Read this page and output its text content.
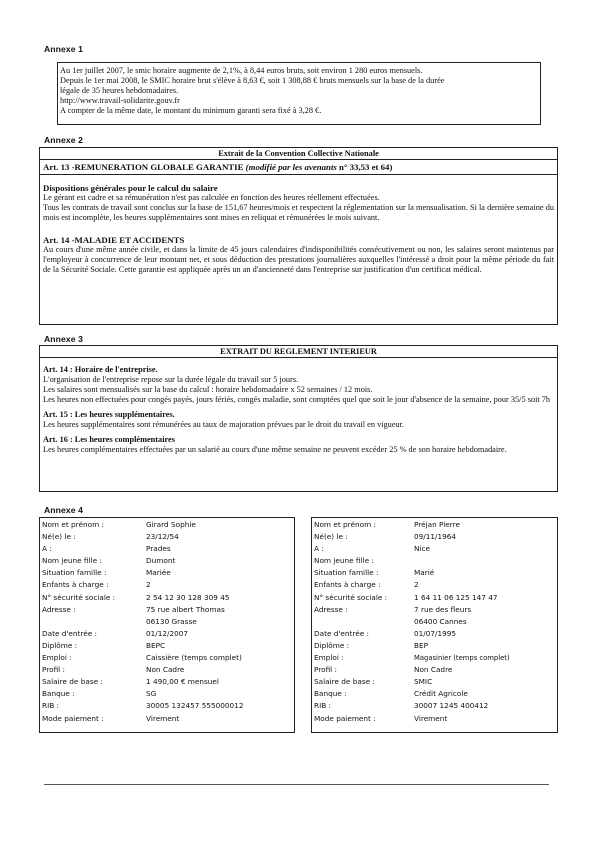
Annexe 1

Au 1er juillet 2007, le smic horaire augmente de 2,1%, à 8,44 euros bruts, soit environ 1 280 euros mensuels.

Depuis le 1er mai 2008, le SMIC horaire brut s'élève à 8,63 €, soit 1 308,88 € bruts mensuels sur la base de la durée

légale de 35 heures hebdomadaires.

http://www.travail-solidarite.gouv.fr

A compter de la même date, le montant du minimum garanti sera fixé à 3,28 €.

Annexe 2
Extrait de la Convention Collective Nationale
Art. 13 -REMUNERATION GLOBALE GARANTIE (modifié par les avenants n° 33,53 et 64)

Dispositions générales pour le calcul du salaire

Le gérant est cadre et sa rémunération n'est pas calculée en fonction des heures réellement effectuées.

Tous les contrats de travail sont conclus sur la base de 151,67 heures/mois et respectent la réglementation sur la mensualisation. Si la dernière semaine du mois est incomplète, les heures supplémentaires sont mises en reliquat et rémunérées le mois suivant.

Art. 14 -MALADIE ET ACCIDENTS

Au cours d'une même année civile, et dans la limite de 45 jours calendaires d'indisponibilités consécutivement ou non, les salaires seront maintenus par l'employeur à concurrence de leur montant net, et sous déduction des prestations journalières auxquelles l'intéressé a droit pour la même période du fait de la Sécurité Sociale. Cette garantie est appliquée après un an d'ancienneté dans l'entreprise sur justification d'un certificat médical.

Annexe 3
EXTRAIT DU REGLEMENT INTERIEUR

Art. 14 : Horaire de l'entreprise.

L'organisation de l'entreprise repose sur la durée légale du travail sur 5 jours.

Les salaires sont mensualisés sur la base du calcul : horaire hebdomadaire x 52 semaines / 12 mois.

Les heures non effectuées pour congés payés, jours fériés, congés maladie, sont comptées quel que soit le jour d'absence de la semaine, pour 35/5 soit 7h

Art. 15 : Les heures supplémentaires.

Les heures supplémentaires sont rémunérées au taux de majoration prévues par le droit du travail en vigueur.

Art. 16 : Les heures complémentaires

Les heures complémentaires effectuées par un salarié au cours d'une même semaine ne peuvent excéder 25 % de son horaire hebdomadaire.

Annexe 4
Nom et prénom :	Girard Sophie
Né(e) le :	23/12/54
A :	Prades
Nom jeune fille :	Dumont
Situation famille :	Mariée
Enfants à charge :	2
N° sécurité sociale :	2 54 12 30 128 309 45
Adresse :	75 rue albert Thomas
06130 Grasse
Date d'entrée :	01/12/2007
Diplôme :	BEPC
Emploi :	Caissière (temps complet)
Profil :	Non Cadre
Salaire de base :	1 490,00 € mensuel
Banque :	SG
RIB :	30005 132457 555000012
Mode paiement :	Virement
Nom et prénom :	Préjan Pierre
Né(e) le :	09/11/1964
A :	Nice
Nom jeune fille :
Situation famille :	Marié
Enfants à charge :	2
N° sécurité sociale :	1 64 11 06 125 147 47
Adresse :	7 rue des fleurs
06400 Cannes
Date d'entrée :	01/07/1995
Diplôme :	BEP
Emploi :	Magasinier (temps complet)
Profil :	Non Cadre
Salaire de base :	SMIC
Banque :	Crédit Agricole
RIB :	30007 1245 400412
Mode paiement :	Virement
